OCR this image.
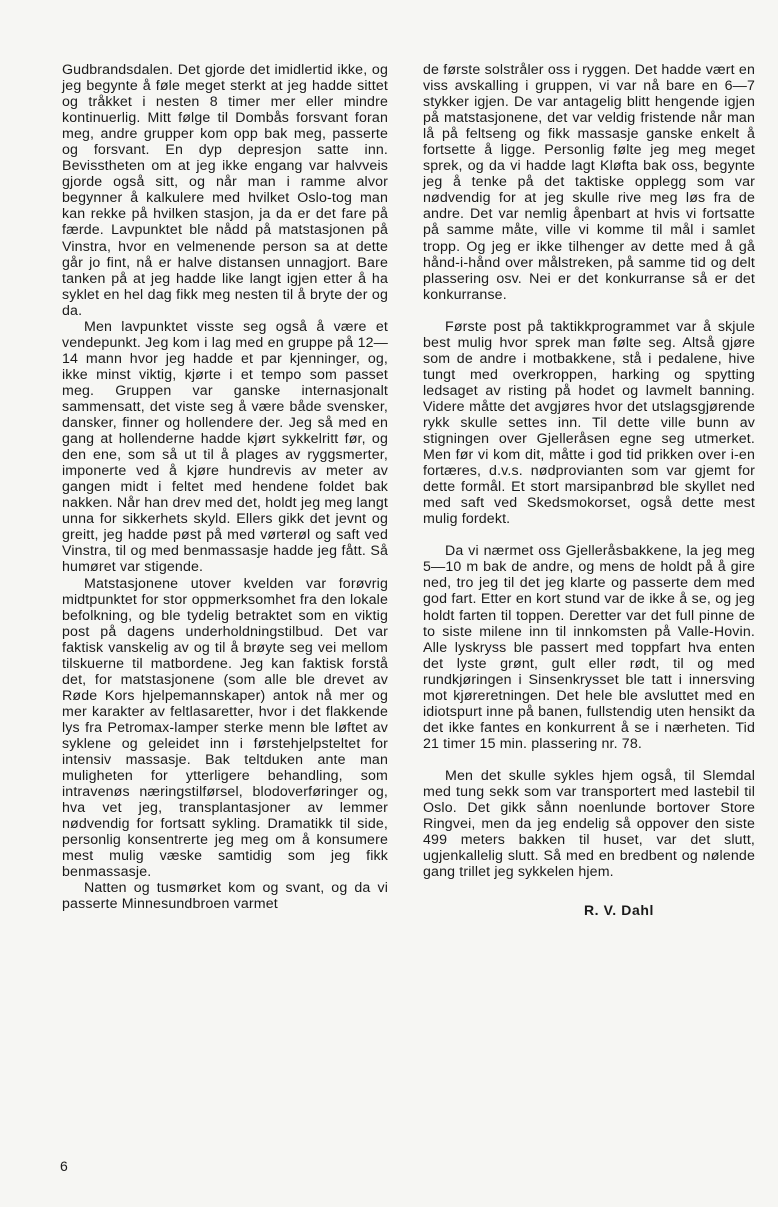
Gudbrandsdalen. Det gjorde det imidlertid ikke, og jeg begynte å føle meget sterkt at jeg hadde sittet og tråkket i nesten 8 timer mer eller mindre kontinuerlig. Mitt følge til Dombås forsvant foran meg, andre grupper kom opp bak meg, passerte og forsvant. En dyp depresjon satte inn. Bevisstheten om at jeg ikke engang var halvveis gjorde også sitt, og når man i ramme alvor begynner å kalkulere med hvilket Oslo-tog man kan rekke på hvilken stasjon, ja da er det fare på færde. Lavpunktet ble nådd på matstasjonen på Vinstra, hvor en velmenende person sa at dette går jo fint, nå er halve distansen unnagjort. Bare tanken på at jeg hadde like langt igjen etter å ha syklet en hel dag fikk meg nesten til å bryte der og da.

Men lavpunktet visste seg også å være et vendepunkt. Jeg kom i lag med en gruppe på 12—14 mann hvor jeg hadde et par kjenninger, og, ikke minst viktig, kjørte i et tempo som passet meg. Gruppen var ganske internasjonalt sammensatt, det viste seg å være både svensker, dansker, finner og hollendere der. Jeg så med en gang at hollenderne hadde kjørt sykkelritt før, og den ene, som så ut til å plages av ryggsmerter, imponerte ved å kjøre hundrevis av meter av gangen midt i feltet med hendene foldet bak nakken. Når han drev med det, holdt jeg meg langt unna for sikkerhets skyld. Ellers gikk det jevnt og greitt, jeg hadde pøst på med vørterøl og saft ved Vinstra, til og med benmassasje hadde jeg fått. Så humøret var stigende.

Matstasjonene utover kvelden var forøvrig midtpunktet for stor oppmerksomhet fra den lokale befolkning, og ble tydelig betraktet som en viktig post på dagens underholdningstilbud. Det var faktisk vanskelig av og til å brøyte seg vei mellom tilskuerne til matbordene. Jeg kan faktisk forstå det, for matstasjonene (som alle ble drevet av Røde Kors hjelpemannskaper) antok nå mer og mer karakter av feltlasaretter, hvor i det flakkende lys fra Petromax-lamper sterke menn ble løftet av syklene og geleidet inn i førstehjelpsteltet for intensiv massasje. Bak teltduken ante man muligheten for ytterligere behandling, som intravenøs næringstilførsel, blodoverføringer og, hva vet jeg, transplantasjoner av lemmer nødvendig for fortsatt sykling. Dramatikk til side, personlig konsentrerte jeg meg om å konsumere mest mulig væske samtidig som jeg fikk benmassasje.

Natten og tusmørket kom og svant, og da vi passerte Minnesundbroen varmet

de første solstråler oss i ryggen. Det hadde vært en viss avskalling i gruppen, vi var nå bare en 6—7 stykker igjen. De var antagelig blitt hengende igjen på matstasjonene, det var veldig fristende når man lå på feltseng og fikk massasje ganske enkelt å fortsette å ligge. Personlig følte jeg meg meget sprek, og da vi hadde lagt Kløfta bak oss, begynte jeg å tenke på det taktiske opplegg som var nødvendig for at jeg skulle rive meg løs fra de andre. Det var nemlig åpenbart at hvis vi fortsatte på samme måte, ville vi komme til mål i samlet tropp. Og jeg er ikke tilhenger av dette med å gå hånd-i-hånd over målstreken, på samme tid og delt plassering osv. Nei er det konkurranse så er det konkurranse.

Første post på taktikkprogrammet var å skjule best mulig hvor sprek man følte seg. Altså gjøre som de andre i motbakkene, stå i pedalene, hive tungt med overkroppen, harking og spytting ledsaget av risting på hodet og lavmelt banning. Videre måtte det avgjøres hvor det utslagsgjørende rykk skulle settes inn. Til dette ville bunn av stigningen over Gjelleråsen egne seg utmerket. Men før vi kom dit, måtte i god tid prikken over i-en fortæres, d.v.s. nødprovianten som var gjemt for dette formål. Et stort marsipanbrød ble skyllet ned med saft ved Skedsmokorset, også dette mest mulig fordekt.

Da vi nærmet oss Gjelleråsbakkene, la jeg meg 5—10 m bak de andre, og mens de holdt på å gire ned, tro jeg til det jeg klarte og passerte dem med god fart. Etter en kort stund var de ikke å se, og jeg holdt farten til toppen. Deretter var det full pinne de to siste milene inn til innkomsten på Valle-Hovin. Alle lyskryss ble passert med toppfart hva enten det lyste grønt, gult eller rødt, til og med rundkjøringen i Sinsenkrysset ble tatt i innersving mot kjøreretningen. Det hele ble avsluttet med en idiotspurt inne på banen, fullstendig uten hensikt da det ikke fantes en konkurrent å se i nærheten. Tid 21 timer 15 min. plassering nr. 78.

Men det skulle sykles hjem også, til Slemdal med tung sekk som var transportert med lastebil til Oslo. Det gikk sånn noenlunde bortover Store Ringvei, men da jeg endelig så oppover den siste 499 meters bakken til huset, var det slutt, ugjenkallelig slutt. Så med en bredbent og nølende gang trillet jeg sykkelen hjem.

R. V. Dahl
6
